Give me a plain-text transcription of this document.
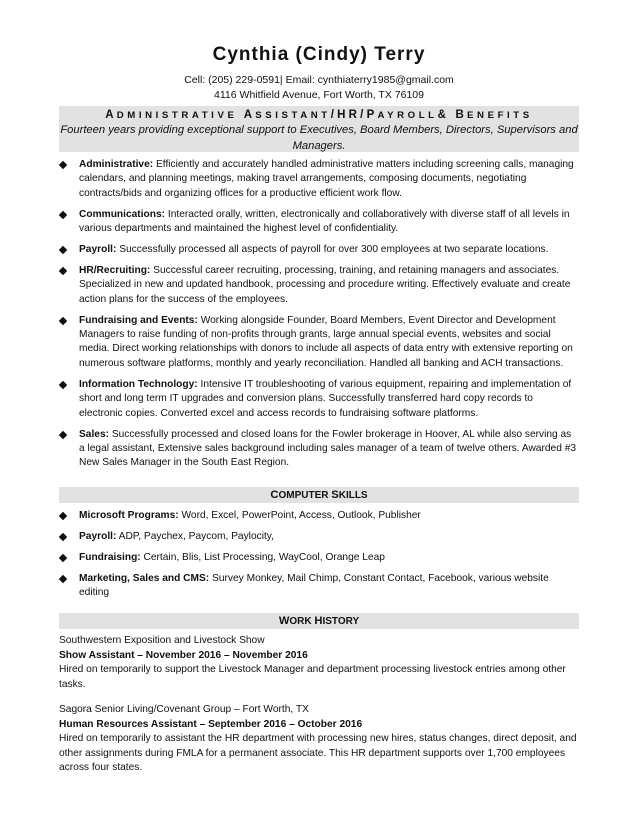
Cynthia (Cindy) Terry
Cell: (205) 229-0591| Email: cynthiaterry1985@gmail.com
4116 Whitfield Avenue, Fort Worth, TX 76109
ADMINISTRATIVE ASSISTANT/HR/PAYROLL& BENEFITS
Fourteen years providing exceptional support to Executives, Board Members, Directors, Supervisors and Managers.
Administrative: Efficiently and accurately handled administrative matters including screening calls, managing calendars, and planning meetings, making travel arrangements, composing documents, negotiating contracts/bids and organizing offices for a productive efficient work flow.
Communications: Interacted orally, written, electronically and collaboratively with diverse staff of all levels in various departments and maintained the highest level of confidentiality.
Payroll: Successfully processed all aspects of payroll for over 300 employees at two separate locations.
HR/Recruiting: Successful career recruiting, processing, training, and retaining managers and associates. Specialized in new and updated handbook, processing and procedure writing. Effectively evaluate and create action plans for the success of the employees.
Fundraising and Events: Working alongside Founder, Board Members, Event Director and Development Managers to raise funding of non-profits through grants, large annual special events, websites and social media. Direct working relationships with donors to include all aspects of data entry with extensive reporting on numerous software platforms, monthly and yearly reconciliation. Handled all banking and ACH transactions.
Information Technology: Intensive IT troubleshooting of various equipment, repairing and implementation of short and long term IT upgrades and conversion plans. Successfully transferred hard copy records to electronic copies. Converted excel and access records to fundraising software platforms.
Sales: Successfully processed and closed loans for the Fowler brokerage in Hoover, AL while also serving as a legal assistant, Extensive sales background including sales manager of a team of twelve others. Awarded #3 New Sales Manager in the South East Region.
COMPUTER SKILLS
Microsoft Programs: Word, Excel, PowerPoint, Access, Outlook, Publisher
Payroll: ADP, Paychex, Paycom, Paylocity,
Fundraising: Certain, Blis, List Processing, WayCool, Orange Leap
Marketing, Sales and CMS: Survey Monkey, Mail Chimp, Constant Contact, Facebook, various website editing
WORK HISTORY
Southwestern Exposition and Livestock Show
Show Assistant – November 2016 – November 2016
Hired on temporarily to support the Livestock Manager and department processing livestock entries among other tasks.
Sagora Senior Living/Covenant Group – Fort Worth, TX
Human Resources Assistant – September 2016 – October 2016
Hired on temporarily to assistant the HR department with processing new hires, status changes, direct deposit, and other assignments during FMLA for a permanent associate. This HR department supports over 1,700 employees across four states.
